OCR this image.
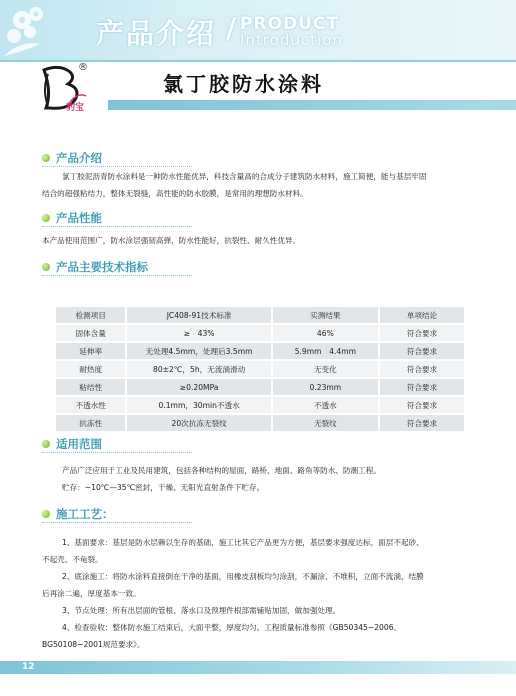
产品介绍 / PRODUCT
Introduction
®
豹宝
氯丁胶防水涂料
产品介绍
氯丁胶泥沥青防水涂料是一种防水性能优异，科技含量高的合成分子建筑防水材料，施工简便，能与基层牢固
结合的超强粘结力，整体无裂缝，高性能的防水胶膜，是常用的理想防水材料。
产品性能
本产品使用范围广，防水涂层强韧高弹，防水性能好，抗裂性、耐久性优异。
产品主要技术指标
检测项目	JC408-91技术标准	实测结果	单项结论
固体含量	≥　43%	46%	符合要求
延伸率	无处理4.5mm，处理后3.5mm	5.9mm　4.4mm	符合要求
耐热度	80±2℃，5h，无流淌滑动	无变化	符合要求
粘结性	≥0.20MPa	0.23mm	符合要求
不透水性	0.1mm，30min不透水	不透水	符合要求
抗冻性	20次抗冻无裂纹	无裂纹	符合要求
适用范围
产品广泛应用于工业及民用建筑，包括各种结构的屋面，路桥、地面、路角等防水、防潮工程。
贮存：−10℃—35℃密封，干燥、无阳光直射条件下贮存。
施工工艺：
1、基面要求：基层是防水层赖以生存的基础，施工比其它产品更为方便，基层要求强度达标，面层不起砂、
不起壳、不龟裂。
2、底涂施工：将防水涂料直接倒在干净的基面，用橡皮刮板均匀涂刮，不漏涂、不堆积，立面不流淌，结膜
后再涂二遍，厚度基本一致。
3、节点处理：所有出层面的管根、落水口及预埋件根部需铺贴加固，做加强处理。
4、检查验收：整体防水施工结束后，大面平整，厚度均匀。工程质量标准参照《GB50345−2006、
BG50108−2001规范要求》。
12
